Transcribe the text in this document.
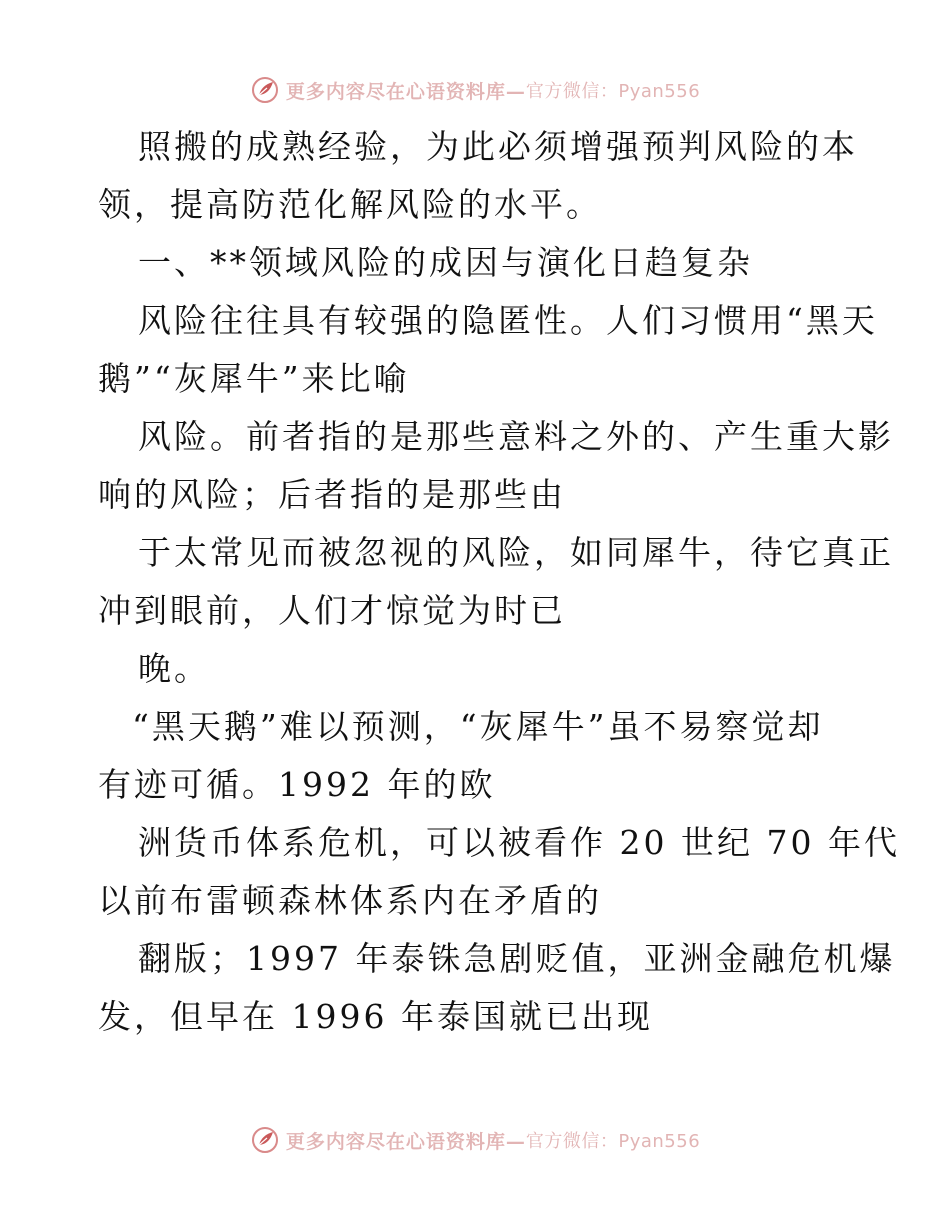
更多内容尽在心语资料库— 官方微信：Pyan556
照搬的成熟经验，为此必须增强预判风险的本
领，提高防范化解风险的水平。
一、**领域风险的成因与演化日趋复杂
风险往往具有较强的隐匿性。人们习惯用“黑天
鹅”“灰犀牛”来比喻
风险。前者指的是那些意料之外的、产生重大影
响的风险；后者指的是那些由
于太常见而被忽视的风险，如同犀牛，待它真正
冲到眼前，人们才惊觉为时已
晚。
“黑天鹅”难以预测，“灰犀牛”虽不易察觉却
有迹可循。1992 年的欧
洲货币体系危机，可以被看作 20 世纪 70 年代
以前布雷顿森林体系内在矛盾的
翻版；1997 年泰铢急剧贬值，亚洲金融危机爆
发，但早在 1996 年泰国就已出现
更多内容尽在心语资料库— 官方微信：Pyan556
